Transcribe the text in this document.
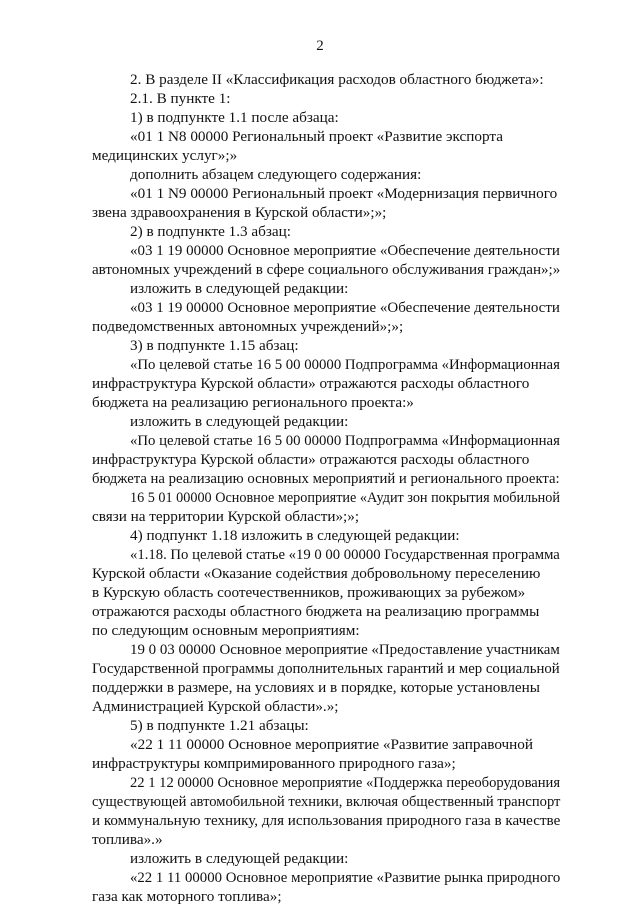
2
2. В разделе II «Классификация расходов областного бюджета»:
2.1. В пункте 1:
1) в подпункте 1.1 после абзаца:
«01 1 N8 00000 Региональный проект «Развитие экспорта
медицинских услуг»;»
дополнить абзацем следующего содержания:
«01 1 N9 00000 Региональный проект «Модернизация первичного
звена здравоохранения в Курской области»;»;
2) в подпункте 1.3 абзац:
«03 1 19 00000 Основное мероприятие «Обеспечение деятельности
автономных учреждений в сфере социального обслуживания граждан»;»
изложить в следующей редакции:
«03 1 19 00000 Основное мероприятие «Обеспечение деятельности
подведомственных автономных учреждений»;»;
3) в подпункте 1.15 абзац:
«По целевой статье 16 5 00 00000 Подпрограмма «Информационная
инфраструктура Курской области» отражаются расходы областного
бюджета на реализацию регионального проекта:»
изложить в следующей редакции:
«По целевой статье 16 5 00 00000 Подпрограмма «Информационная
инфраструктура Курской области» отражаются расходы областного
бюджета на реализацию основных мероприятий и регионального проекта:
16 5 01 00000 Основное мероприятие «Аудит зон покрытия мобильной
связи на территории Курской области»;»;
4) подпункт 1.18 изложить в следующей редакции:
«1.18. По целевой статье «19 0 00 00000 Государственная программа
Курской области «Оказание содействия добровольному переселению
в Курскую область соотечественников, проживающих за рубежом»
отражаются расходы областного бюджета на реализацию программы
по следующим основным мероприятиям:
19 0 03 00000 Основное мероприятие «Предоставление участникам
Государственной программы дополнительных гарантий и мер социальной
поддержки в размере, на условиях и в порядке, которые установлены
Администрацией Курской области».»;
5) в подпункте 1.21 абзацы:
«22 1 11 00000 Основное мероприятие «Развитие заправочной
инфраструктуры компримированного природного газа»;
22 1 12 00000 Основное мероприятие «Поддержка переоборудования
существующей автомобильной техники, включая общественный транспорт
и коммунальную технику, для использования природного газа в качестве
топлива».»
изложить в следующей редакции:
«22 1 11 00000 Основное мероприятие «Развитие рынка природного
газа как моторного топлива»;
